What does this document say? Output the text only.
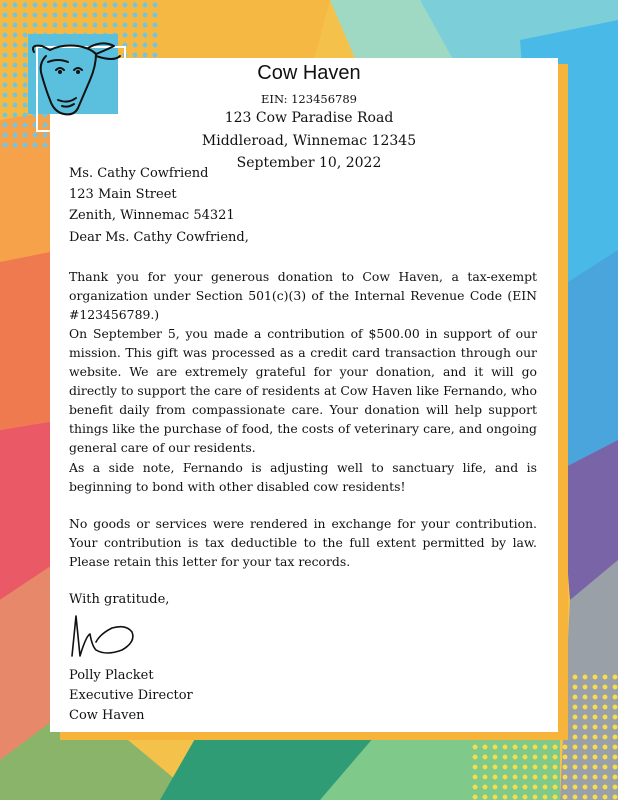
Cow Haven
EIN: 123456789
123 Cow Paradise Road
Middleroad, Winnemac 12345
September 10, 2022
Ms. Cathy Cowfriend
123 Main Street
Zenith, Winnemac 54321
Dear Ms. Cathy Cowfriend,
Thank you for your generous donation to Cow Haven, a tax-exempt organization under Section 501(c)(3) of the Internal Revenue Code (EIN #123456789.)
On September 5, you made a contribution of $500.00 in support of our mission. This gift was processed as a credit card transaction through our website. We are extremely grateful for your donation, and it will go directly to support the care of residents at Cow Haven like Fernando, who benefit daily from compassionate care. Your donation will help support things like the purchase of food, the costs of veterinary care, and ongoing general care of our residents.
As a side note, Fernando is adjusting well to sanctuary life, and is beginning to bond with other disabled cow residents!
No goods or services were rendered in exchange for your contribution. Your contribution is tax deductible to the full extent permitted by law. Please retain this letter for your tax records.
With gratitude,
Polly Placket
Executive Director
Cow Haven
